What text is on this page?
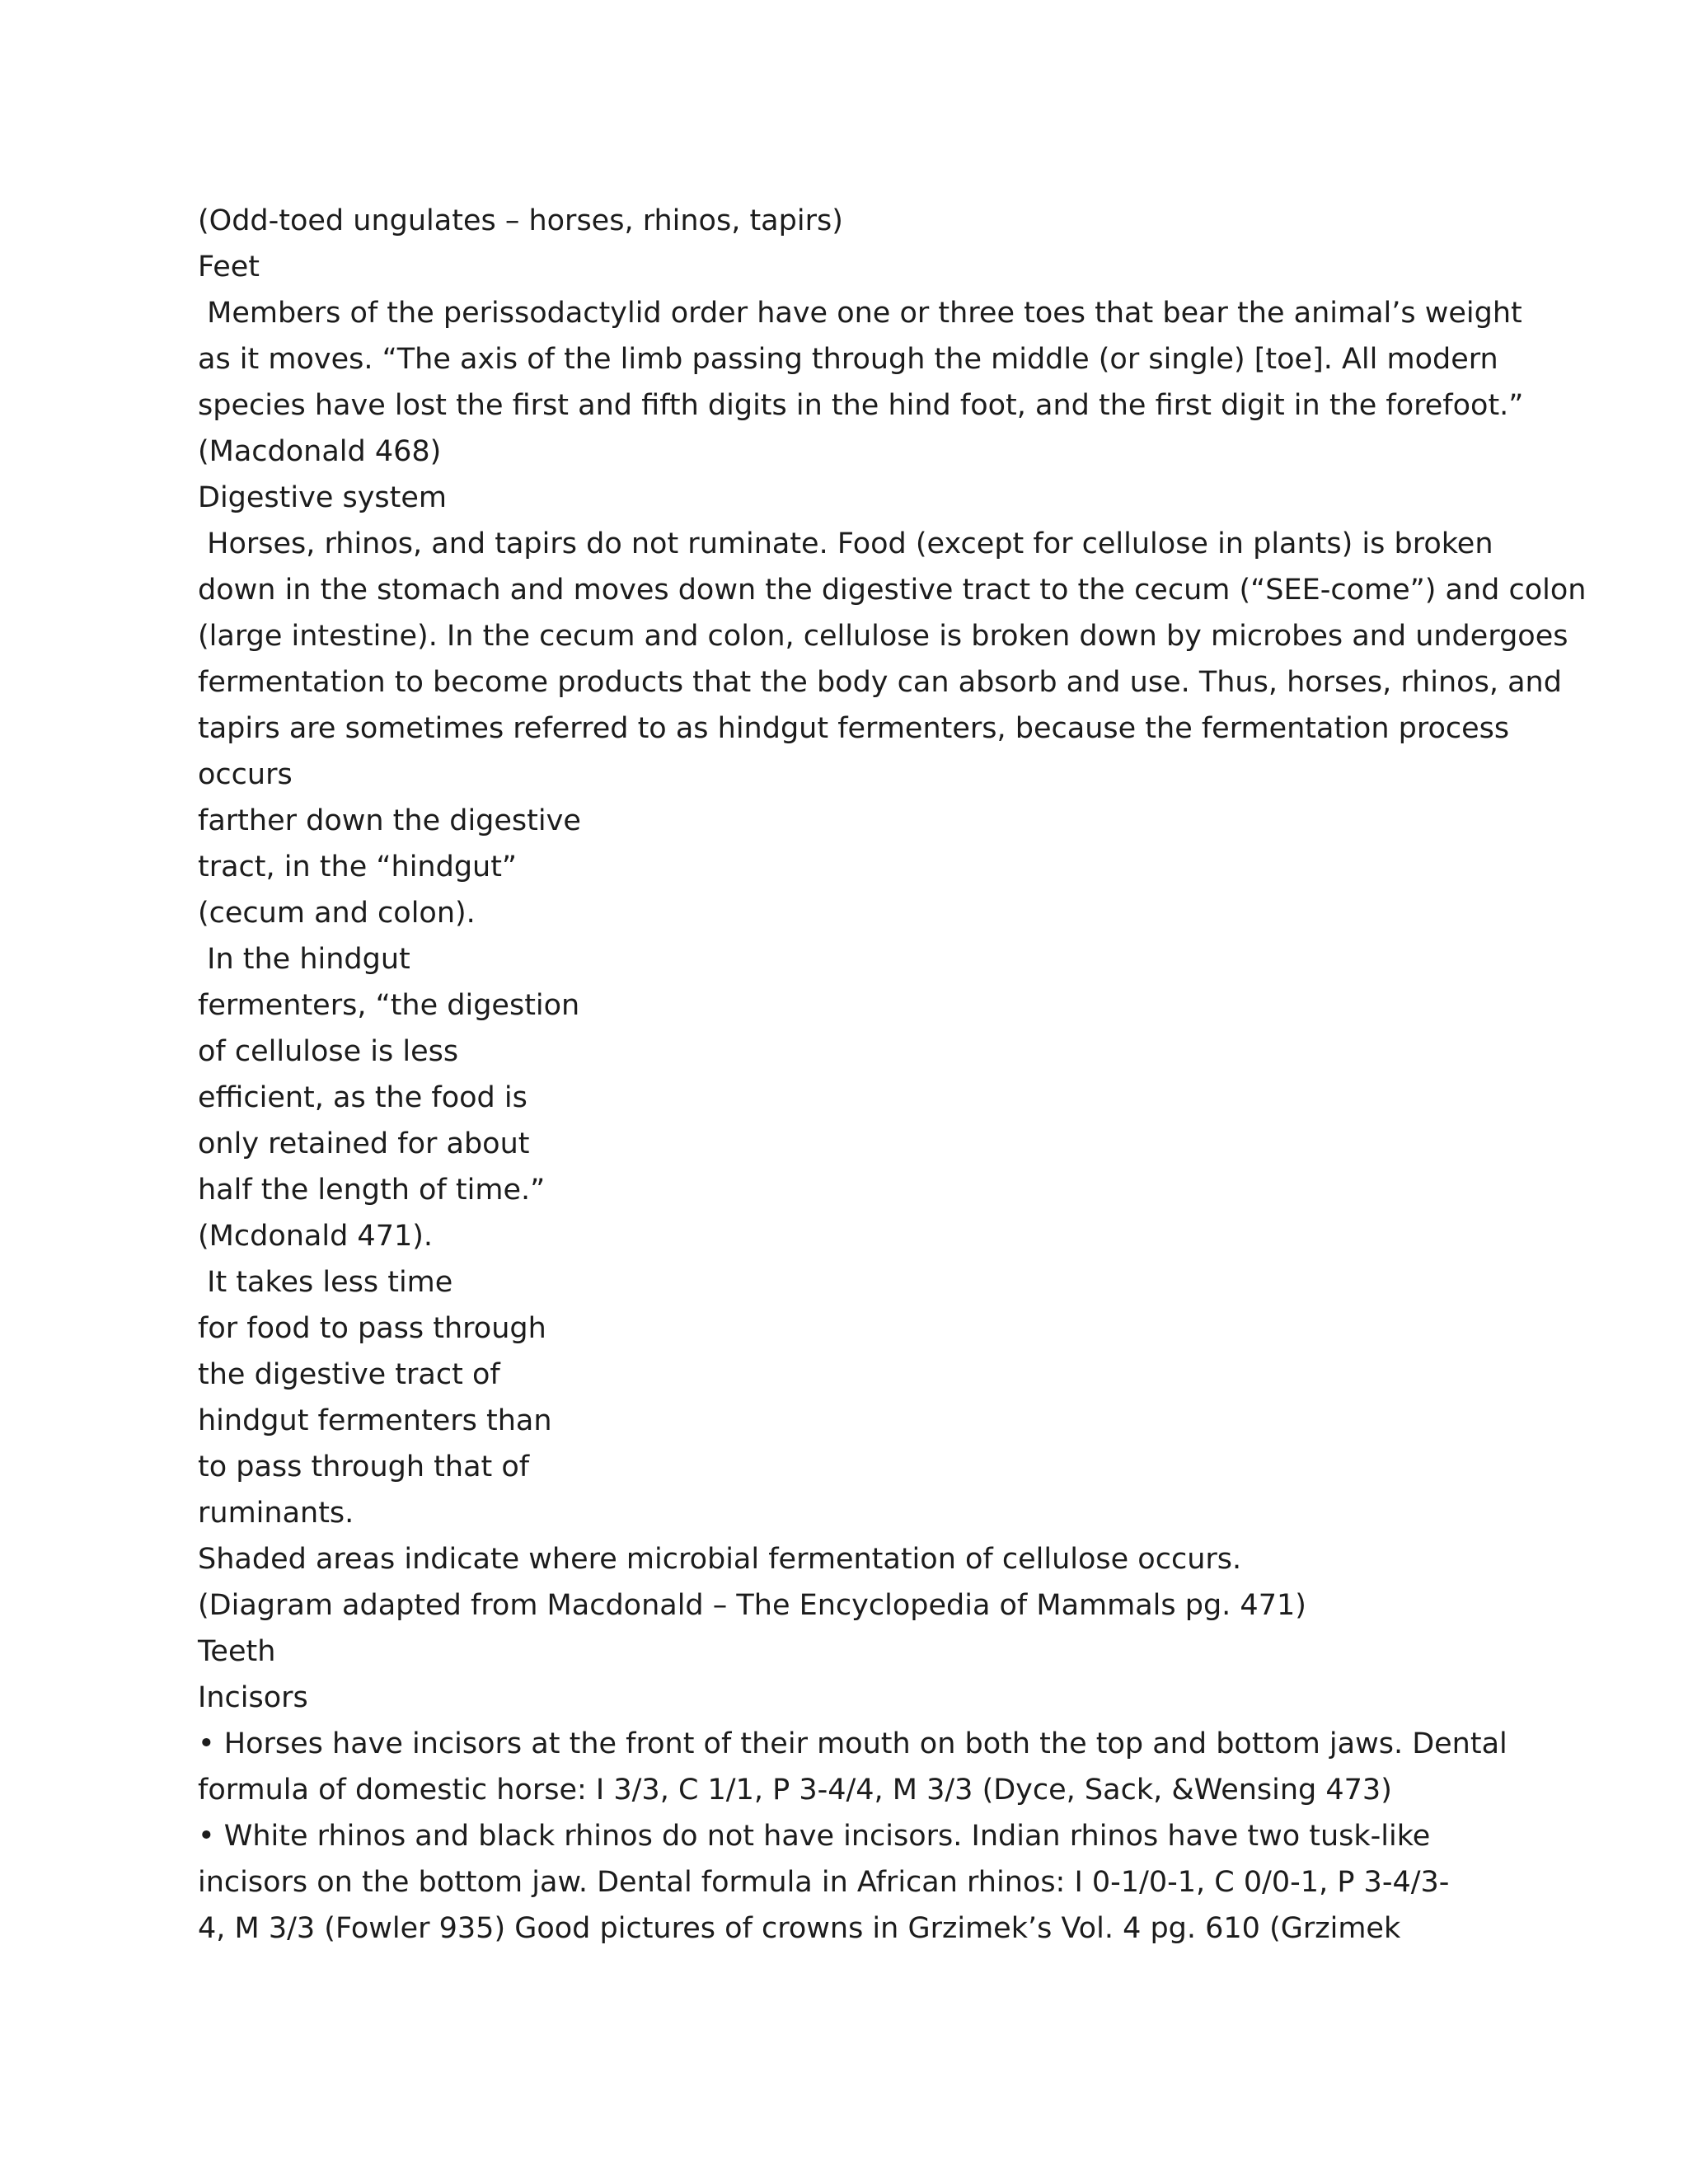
(Odd-toed ungulates – horses, rhinos, tapirs)
Feet
Members of the perissodactylid order have one or three toes that bear the animal’s weight
as it moves. “The axis of the limb passing through the middle (or single) [toe]. All modern
species have lost the first and fifth digits in the hind foot, and the first digit in the forefoot.”
(Macdonald 468)
Digestive system
Horses, rhinos, and tapirs do not ruminate. Food (except for cellulose in plants) is broken
down in the stomach and moves down the digestive tract to the cecum (“SEE-come”) and colon
(large intestine). In the cecum and colon, cellulose is broken down by microbes and undergoes
fermentation to become products that the body can absorb and use. Thus, horses, rhinos, and
tapirs are sometimes referred to as hindgut fermenters, because the fermentation process
occurs
farther down the digestive
tract, in the “hindgut”
(cecum and colon).
In the hindgut
fermenters, “the digestion
of cellulose is less
efficient, as the food is
only retained for about
half the length of time.”
(Mcdonald 471).
It takes less time
for food to pass through
the digestive tract of
hindgut fermenters than
to pass through that of
ruminants.
Shaded areas indicate where microbial fermentation of cellulose occurs.
(Diagram adapted from Macdonald – The Encyclopedia of Mammals pg. 471)
Teeth
Incisors
• Horses have incisors at the front of their mouth on both the top and bottom jaws. Dental
formula of domestic horse: I 3/3, C 1/1, P 3-4/4, M 3/3 (Dyce, Sack, &Wensing 473)
• White rhinos and black rhinos do not have incisors. Indian rhinos have two tusk-like
incisors on the bottom jaw. Dental formula in African rhinos: I 0-1/0-1, C 0/0-1, P 3-4/3-
4, M 3/3 (Fowler 935) Good pictures of crowns in Grzimek’s Vol. 4 pg. 610 (Grzimek
